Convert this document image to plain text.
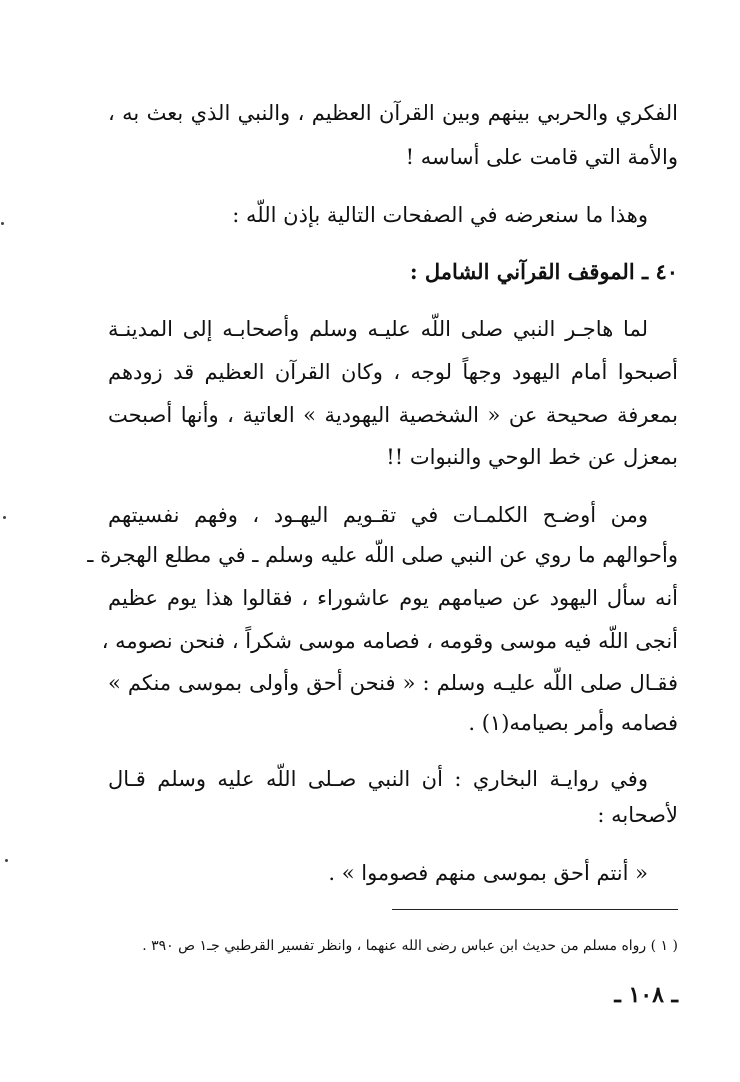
الفكري والحربي بينهم وبين القرآن العظيم ، والنبي الذي بعث به ،

والأمة التي قامت على أساسه !

وهذا ما سنعرضه في الصفحات التالية بإذن اللّه :

٤٠ ـ الموقف القرآني الشامل :

لما هاجـر النبي صلى اللّه عليـه وسلم وأصحابـه إلى المدينـة

أصبحوا أمام اليهود وجهاً لوجه ، وكان القرآن العظيم قد زودهم

بمعرفة صحيحة عن « الشخصية اليهودية » العاتية ، وأنها أصبحت

بمعزل عن خط الوحي والنبوات !!

ومن أوضـح الكلمـات في تقـويم اليهـود ، وفهم نفسيتهم

وأحوالهم ما روي عن النبي صلى اللّه عليه وسلم ـ في مطلع الهجرة ـ

أنه سأل اليهود عن صيامهم يوم عاشوراء ، فقالوا هذا يوم عظيم

أنجى اللّه فيه موسى وقومه ، فصامه موسى شكراً ، فنحن نصومه ،

فقـال صلى اللّه عليـه وسلم : « فنحن أحق وأولى بموسى منكم »

فصامه وأمر بصيامه(١) .

وفي روايـة البخاري : أن النبي صـلى اللّه عليه وسلم قـال

لأصحابه :

« أنتم أحق بموسى منهم فصوموا » .

( ١ ) رواه مسلم من حديث ابن عباس رضى الله عنهما ، وانظر تفسير القرطبي جـ١ ص ٣٩٠ .

ـ ١٠٨ ـ
